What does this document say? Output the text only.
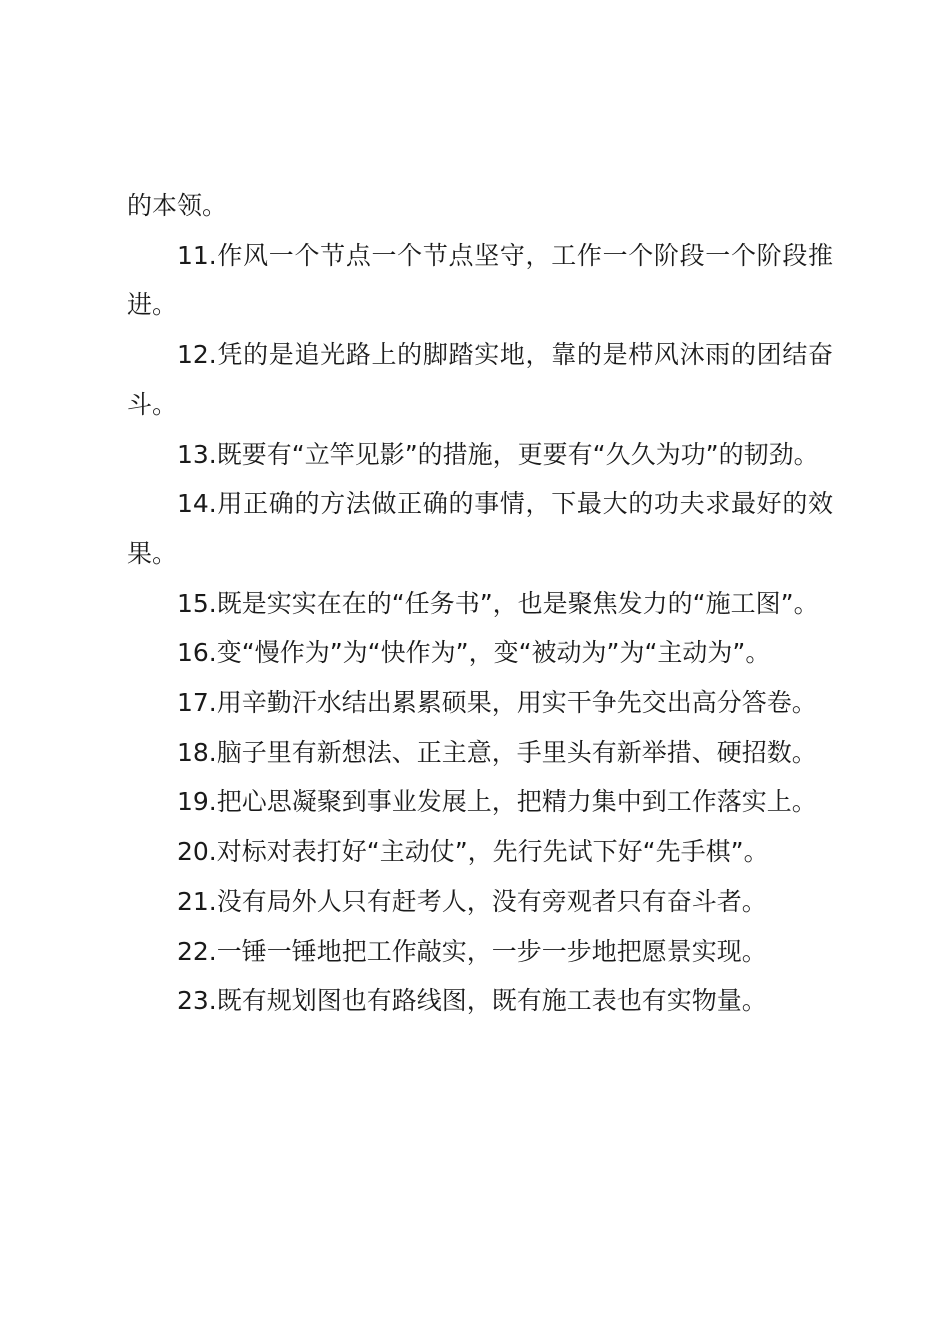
的本领。

11.作风一个节点一个节点坚守，工作一个阶段一个阶段推进。

12.凭的是追光路上的脚踏实地，靠的是栉风沐雨的团结奋斗。

13.既要有“立竿见影”的措施，更要有“久久为功”的韧劲。

14.用正确的方法做正确的事情，下最大的功夫求最好的效果。

15.既是实实在在的“任务书”，也是聚焦发力的“施工图”。

16.变“慢作为”为“快作为”，变“被动为”为“主动为”。

17.用辛勤汗水结出累累硕果，用实干争先交出高分答卷。

18.脑子里有新想法、正主意，手里头有新举措、硬招数。

19.把心思凝聚到事业发展上，把精力集中到工作落实上。

20.对标对表打好“主动仗”，先行先试下好“先手棋”。

21.没有局外人只有赶考人，没有旁观者只有奋斗者。

22.一锤一锤地把工作敲实，一步一步地把愿景实现。

23.既有规划图也有路线图，既有施工表也有实物量。
